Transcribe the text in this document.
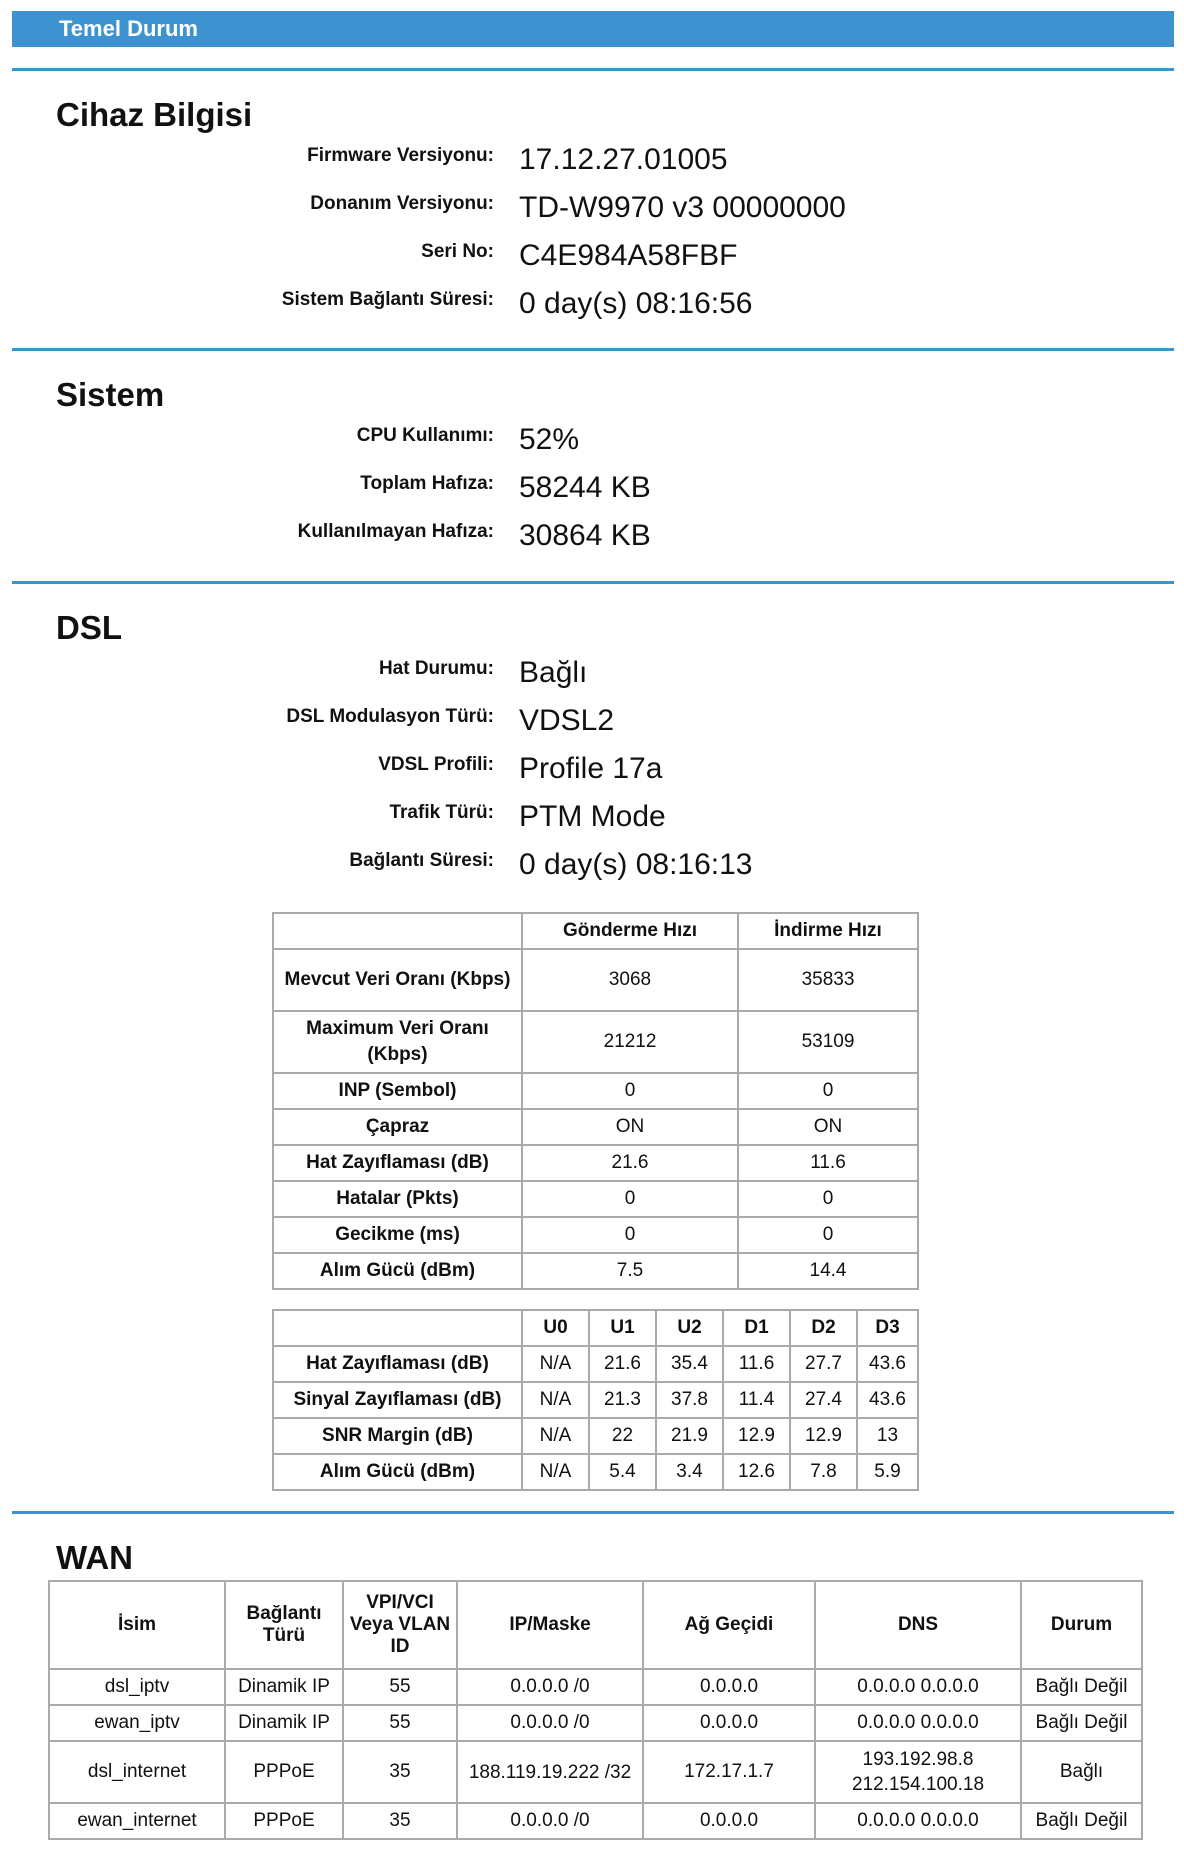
Temel Durum
Cihaz Bilgisi
Firmware Versiyonu: 17.12.27.01005
Donanım Versiyonu: TD-W9970 v3 00000000
Seri No: C4E984A58FBF
Sistem Bağlantı Süresi: 0 day(s) 08:16:56
Sistem
CPU Kullanımı: 52%
Toplam Hafıza: 58244 KB
Kullanılmayan Hafıza: 30864 KB
DSL
Hat Durumu: Bağlı
DSL Modulasyon Türü: VDSL2
VDSL Profili: Profile 17a
Trafik Türü: PTM Mode
Bağlantı Süresi: 0 day(s) 08:16:13
	Gönderme Hızı	İndirme Hızı
Mevcut Veri Oranı (Kbps)	3068	35833
Maximum Veri Oranı (Kbps)	21212	53109
INP (Sembol)	0	0
Çapraz	ON	ON
Hat Zayıflaması (dB)	21.6	11.6
Hatalar (Pkts)	0	0
Gecikme (ms)	0	0
Alım Gücü (dBm)	7.5	14.4
	U0	U1	U2	D1	D2	D3
Hat Zayıflaması (dB)	N/A	21.6	35.4	11.6	27.7	43.6
Sinyal Zayıflaması (dB)	N/A	21.3	37.8	11.4	27.4	43.6
SNR Margin (dB)	N/A	22	21.9	12.9	12.9	13
Alım Gücü (dBm)	N/A	5.4	3.4	12.6	7.8	5.9
WAN
İsim	Bağlantı Türü	VPI/VCI Veya VLAN ID	IP/Maske	Ağ Geçidi	DNS	Durum
dsl_iptv	Dinamik IP	55	0.0.0.0 /0	0.0.0.0	0.0.0.0 0.0.0.0	Bağlı Değil
ewan_iptv	Dinamik IP	55	0.0.0.0 /0	0.0.0.0	0.0.0.0 0.0.0.0	Bağlı Değil
dsl_internet	PPPoE	35	188.119.19.222 /32	172.17.1.7	193.192.98.8 212.154.100.18	Bağlı
ewan_internet	PPPoE	35	0.0.0.0 /0	0.0.0.0	0.0.0.0 0.0.0.0	Bağlı Değil
